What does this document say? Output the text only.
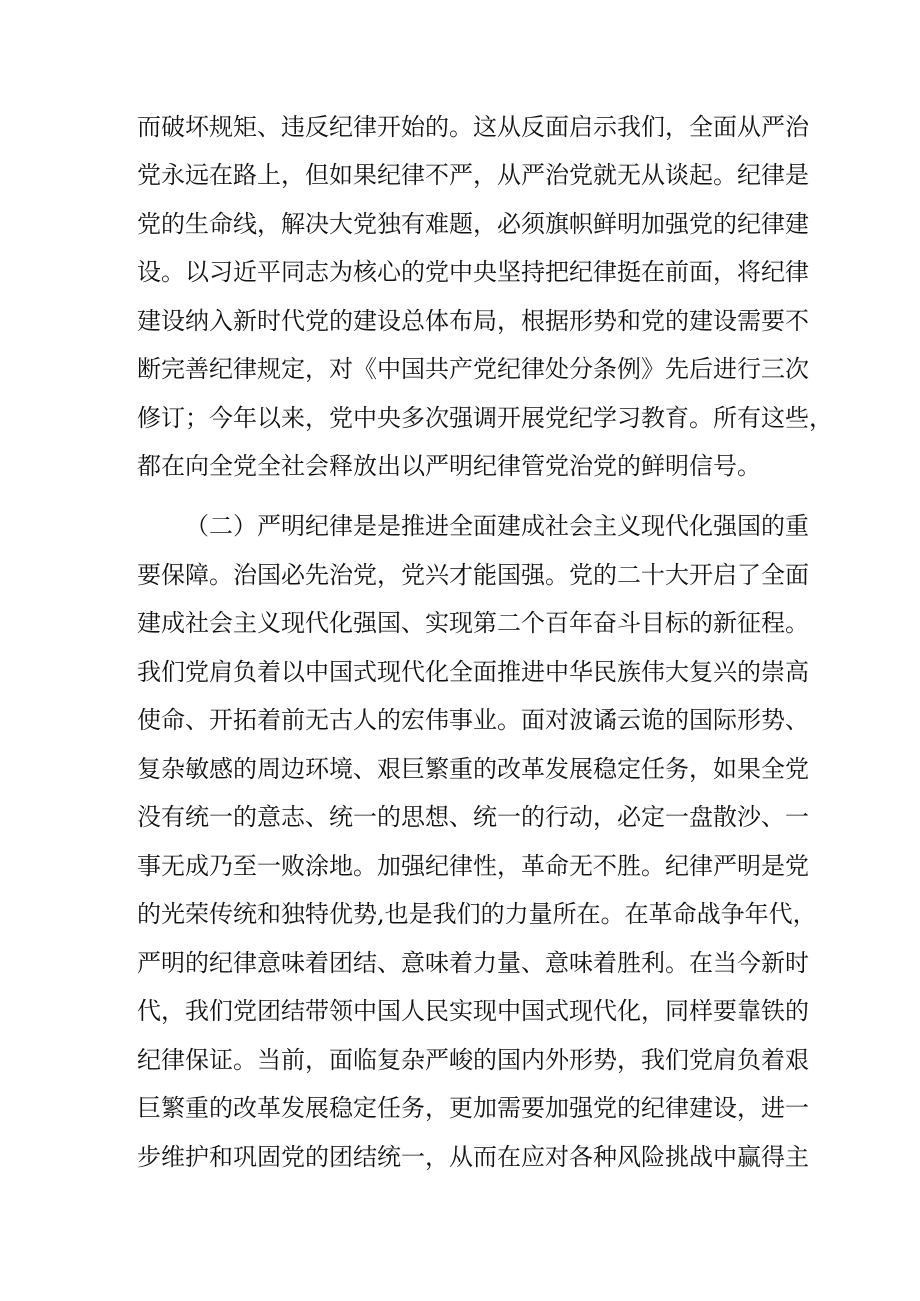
而破坏规矩、违反纪律开始的。这从反面启示我们，全面从严治

党永远在路上，但如果纪律不严，从严治党就无从谈起。纪律是

党的生命线，解决大党独有难题，必须旗帜鲜明加强党的纪律建

设。以习近平同志为核心的党中央坚持把纪律挺在前面，将纪律

建设纳入新时代党的建设总体布局，根据形势和党的建设需要不

断完善纪律规定，对《中国共产党纪律处分条例》先后进行三次

修订；今年以来，党中央多次强调开展党纪学习教育。所有这些，

都在向全党全社会释放出以严明纪律管党治党的鲜明信号。

（二）严明纪律是是推进全面建成社会主义现代化强国的重

要保障。治国必先治党，党兴才能国强。党的二十大开启了全面

建成社会主义现代化强国、实现第二个百年奋斗目标的新征程。

我们党肩负着以中国式现代化全面推进中华民族伟大复兴的崇高

使命、开拓着前无古人的宏伟事业。面对波谲云诡的国际形势、

复杂敏感的周边环境、艰巨繁重的改革发展稳定任务，如果全党

没有统一的意志、统一的思想、统一的行动，必定一盘散沙、一

事无成乃至一败涂地。加强纪律性，革命无不胜。纪律严明是党

的光荣传统和独特优势,也是我们的力量所在。在革命战争年代，

严明的纪律意味着团结、意味着力量、意味着胜利。在当今新时

代，我们党团结带领中国人民实现中国式现代化，同样要靠铁的

纪律保证。当前，面临复杂严峻的国内外形势，我们党肩负着艰

巨繁重的改革发展稳定任务，更加需要加强党的纪律建设，进一

步维护和巩固党的团结统一，从而在应对各种风险挑战中赢得主
